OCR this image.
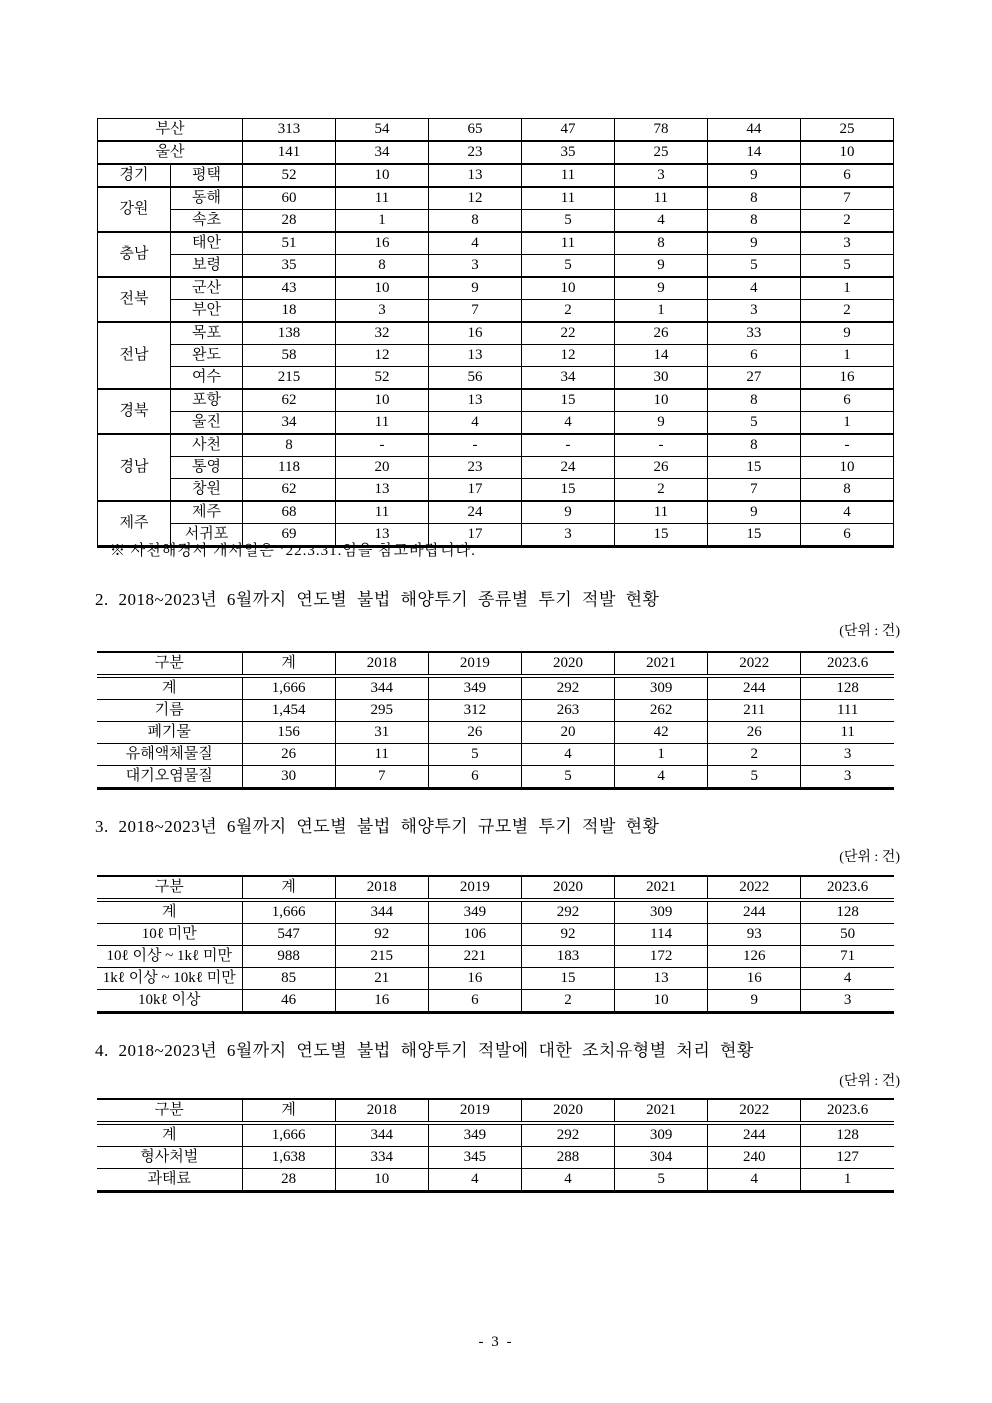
부산		313	54	65	47	78	44	25
울산		141	34	23	35	25	14	10
경기	평택	52	10	13	11	3	9	6
강원	동해	60	11	12	11	11	8	7
	속초	28	1	8	5	4	8	2
충남	태안	51	16	4	11	8	9	3
	보령	35	8	3	5	9	5	5
전북	군산	43	10	9	10	9	4	1
	부안	18	3	7	2	1	3	2
전남	목포	138	32	16	22	26	33	9
	완도	58	12	13	12	14	6	1
	여수	215	52	56	34	30	27	16
경북	포항	62	10	13	15	10	8	6
	울진	34	11	4	4	9	5	1
경남	사천	8	-	-	-	-	8	-
	통영	118	20	23	24	26	15	10
	창원	62	13	17	15	2	7	8
제주	제주	68	11	24	9	11	9	4
	서귀포	69	13	17	3	15	15	6
※ 사천해경서 개서일은 ’22.3.31.임을 참고바랍니다.
2. 2018~2023년 6월까지 연도별 불법 해양투기 종류별 투기 적발 현황
(단위 : 건)
구분	계	2018	2019	2020	2021	2022	2023.6
계	1,666	344	349	292	309	244	128
기름	1,454	295	312	263	262	211	111
폐기물	156	31	26	20	42	26	11
유해액체물질	26	11	5	4	1	2	3
대기오염물질	30	7	6	5	4	5	3
3. 2018~2023년 6월까지 연도별 불법 해양투기 규모별 투기 적발 현황
(단위 : 건)
구분	계	2018	2019	2020	2021	2022	2023.6
계	1,666	344	349	292	309	244	128
10ℓ 미만	547	92	106	92	114	93	50
10ℓ 이상 ~ 1kℓ 미만	988	215	221	183	172	126	71
1kℓ 이상 ~ 10kℓ 미만	85	21	16	15	13	16	4
10kℓ 이상	46	16	6	2	10	9	3
4. 2018~2023년 6월까지 연도별 불법 해양투기 적발에 대한 조치유형별 처리 현황
(단위 : 건)
구분	계	2018	2019	2020	2021	2022	2023.6
계	1,666	344	349	292	309	244	128
형사처벌	1,638	334	345	288	304	240	127
과태료	28	10	4	4	5	4	1
- 3 -
